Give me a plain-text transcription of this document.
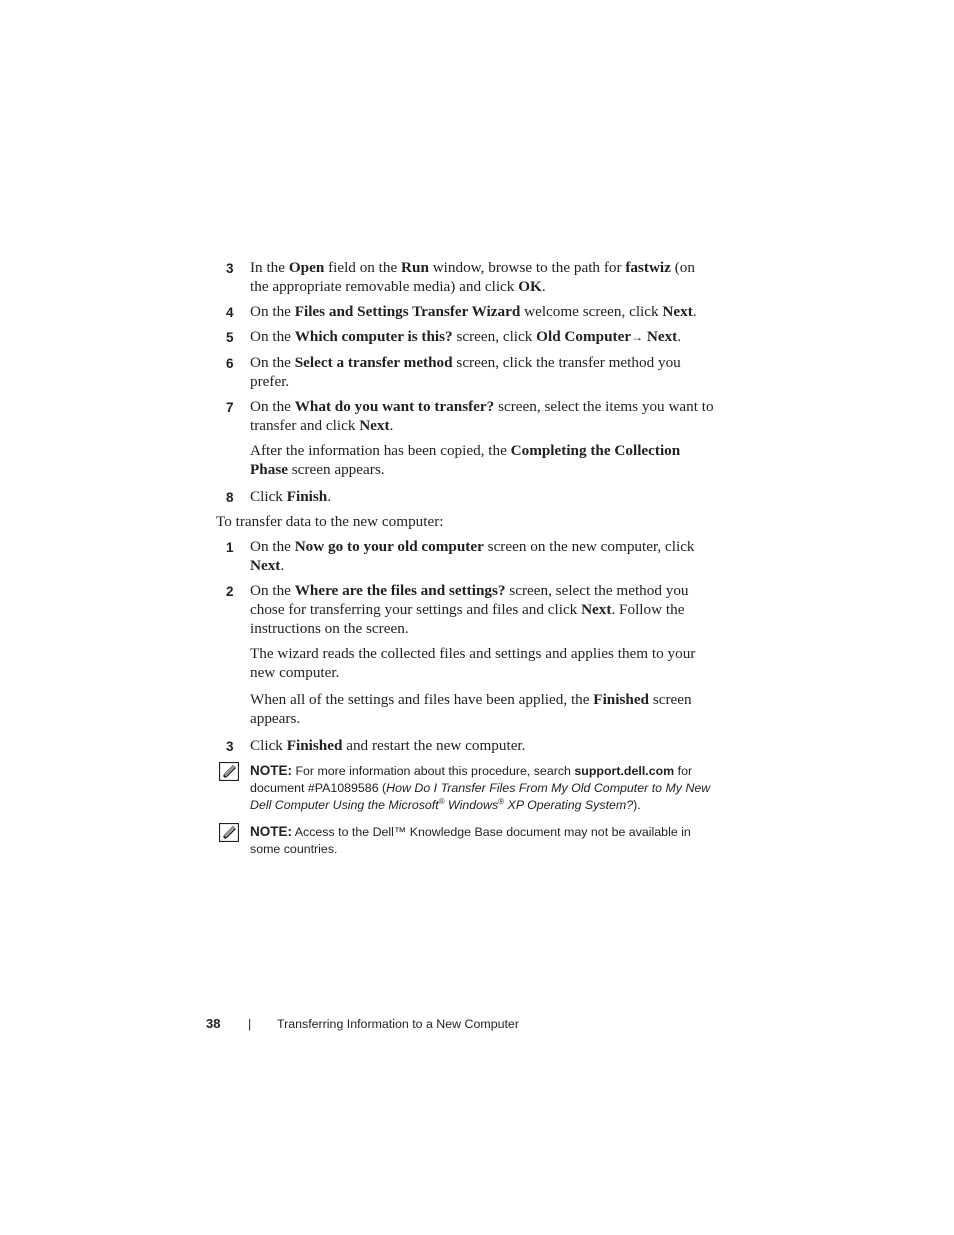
3 In the Open field on the Run window, browse to the path for fastwiz (on the appropriate removable media) and click OK.
4 On the Files and Settings Transfer Wizard welcome screen, click Next.
5 On the Which computer is this? screen, click Old Computer→ Next.
6 On the Select a transfer method screen, click the transfer method you prefer.
7 On the What do you want to transfer? screen, select the items you want to transfer and click Next.
After the information has been copied, the Completing the Collection Phase screen appears.
8 Click Finish.
To transfer data to the new computer:
1 On the Now go to your old computer screen on the new computer, click Next.
2 On the Where are the files and settings? screen, select the method you chose for transferring your settings and files and click Next. Follow the instructions on the screen.
The wizard reads the collected files and settings and applies them to your new computer.
When all of the settings and files have been applied, the Finished screen appears.
3 Click Finished and restart the new computer.
NOTE: For more information about this procedure, search support.dell.com for document #PA1089586 (How Do I Transfer Files From My Old Computer to My New Dell Computer Using the Microsoft® Windows® XP Operating System?).
NOTE: Access to the Dell™ Knowledge Base document may not be available in some countries.
38 | Transferring Information to a New Computer
